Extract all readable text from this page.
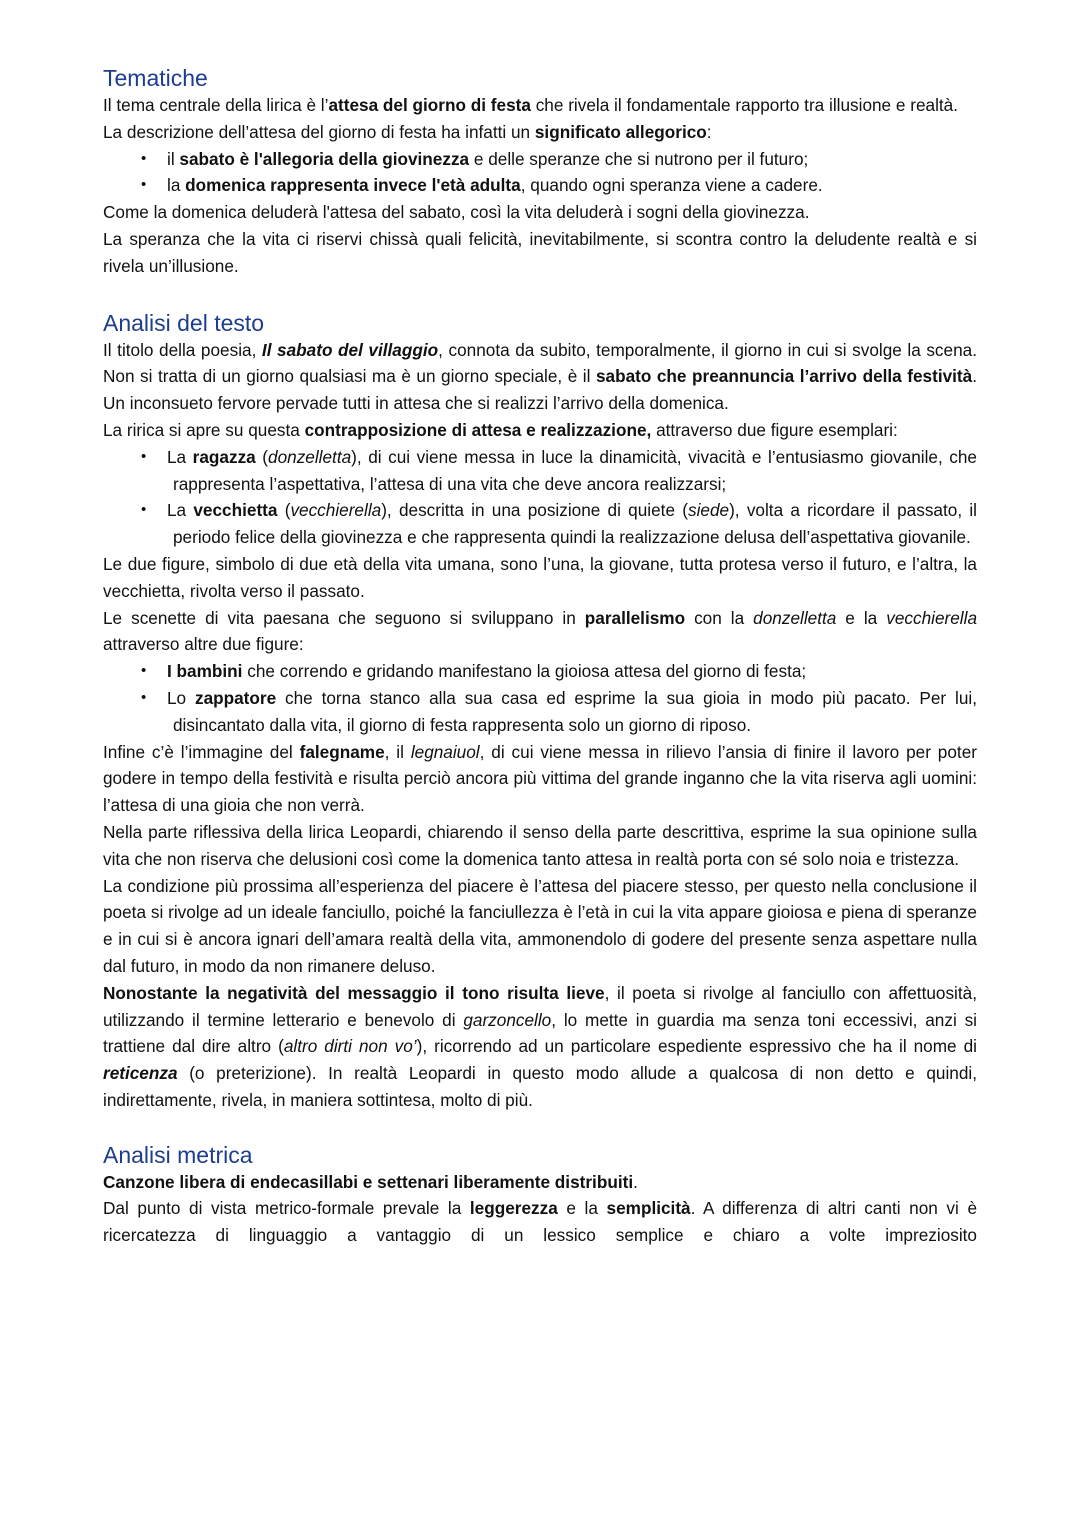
Tematiche

Il tema centrale della lirica è l’attesa del giorno di festa che rivela il fondamentale rapporto tra illusione e realtà.

La descrizione dell’attesa del giorno di festa ha infatti un significato allegorico:

•	il sabato è l'allegoria della giovinezza e delle speranze che si nutrono per il futuro;
•	la domenica rappresenta invece l'età adulta, quando ogni speranza viene a cadere.

Come la domenica deluderà l'attesa del sabato, così la vita deluderà i sogni della giovinezza.

La speranza che la vita ci riservi chissà quali felicità, inevitabilmente, si scontra contro la deludente realtà e si rivela un’illusione.

Analisi del testo

Il titolo della poesia, Il sabato del villaggio, connota da subito, temporalmente, il giorno in cui si svolge la scena. Non si tratta di un giorno qualsiasi ma è un giorno speciale, è il sabato che preannuncia l’arrivo della festività. Un inconsueto fervore pervade tutti in attesa che si realizzi l’arrivo della domenica.

La ririca si apre su questa contrapposizione di attesa e realizzazione, attraverso due figure esemplari:

•	La ragazza (donzelletta), di cui viene messa in luce la dinamicità, vivacità e l’entusiasmo giovanile, che rappresenta l’aspettativa, l’attesa di una vita che deve ancora realizzarsi;
•	La vecchietta (vecchierella), descritta in una posizione di quiete (siede), volta a ricordare il passato, il periodo felice della giovinezza e che rappresenta quindi la realizzazione delusa dell’aspettativa giovanile.

Le due figure, simbolo di due età della vita umana, sono l’una, la giovane, tutta protesa verso il futuro, e l’altra, la vecchietta, rivolta verso il passato.

Le scenette di vita paesana che seguono si sviluppano in parallelismo con la donzelletta e la vecchierella attraverso altre due figure:

•	I bambini che correndo e gridando manifestano la gioiosa attesa del giorno di festa;
•	Lo zappatore che torna stanco alla sua casa ed esprime la sua gioia in modo più pacato. Per lui, disincantato dalla vita, il giorno di festa rappresenta solo un giorno di riposo.

Infine c’è l’immagine del falegname, il legnaiuol, di cui viene messa in rilievo l’ansia di finire il lavoro per poter godere in tempo della festività e risulta perciò ancora più vittima del grande inganno che la vita riserva agli uomini: l’attesa di una gioia che non verrà.

Nella parte riflessiva della lirica Leopardi, chiarendo il senso della parte descrittiva, esprime la sua opinione sulla vita che non riserva che delusioni così come la domenica tanto attesa in realtà porta con sé solo noia e tristezza.

La condizione più prossima all’esperienza del piacere è l’attesa del piacere stesso, per questo nella conclusione il poeta si rivolge ad un ideale fanciullo, poiché la fanciullezza è l’età in cui la vita appare gioiosa e piena di speranze e in cui si è ancora ignari dell’amara realtà della vita, ammonendolo di godere del presente senza aspettare nulla dal futuro, in modo da non rimanere deluso.

Nonostante la negatività del messaggio il tono risulta lieve, il poeta si rivolge al fanciullo con affettuosità, utilizzando il termine letterario e benevolo di garzoncello, lo mette in guardia ma senza toni eccessivi, anzi si trattiene dal dire altro (altro dirti non vo’), ricorrendo ad un particolare espediente espressivo che ha il nome di reticenza (o preterizione). In realtà Leopardi in questo modo allude a qualcosa di non detto e quindi, indirettamente, rivela, in maniera sottintesa, molto di più.

Analisi metrica

Canzone libera di endecasillabi e settenari liberamente distribuiti.

Dal punto di vista metrico-formale prevale la leggerezza e la semplicità. A differenza di altri canti non vi è ricercatezza di linguaggio a vantaggio di un lessico semplice e chiaro a volte impreziosito
